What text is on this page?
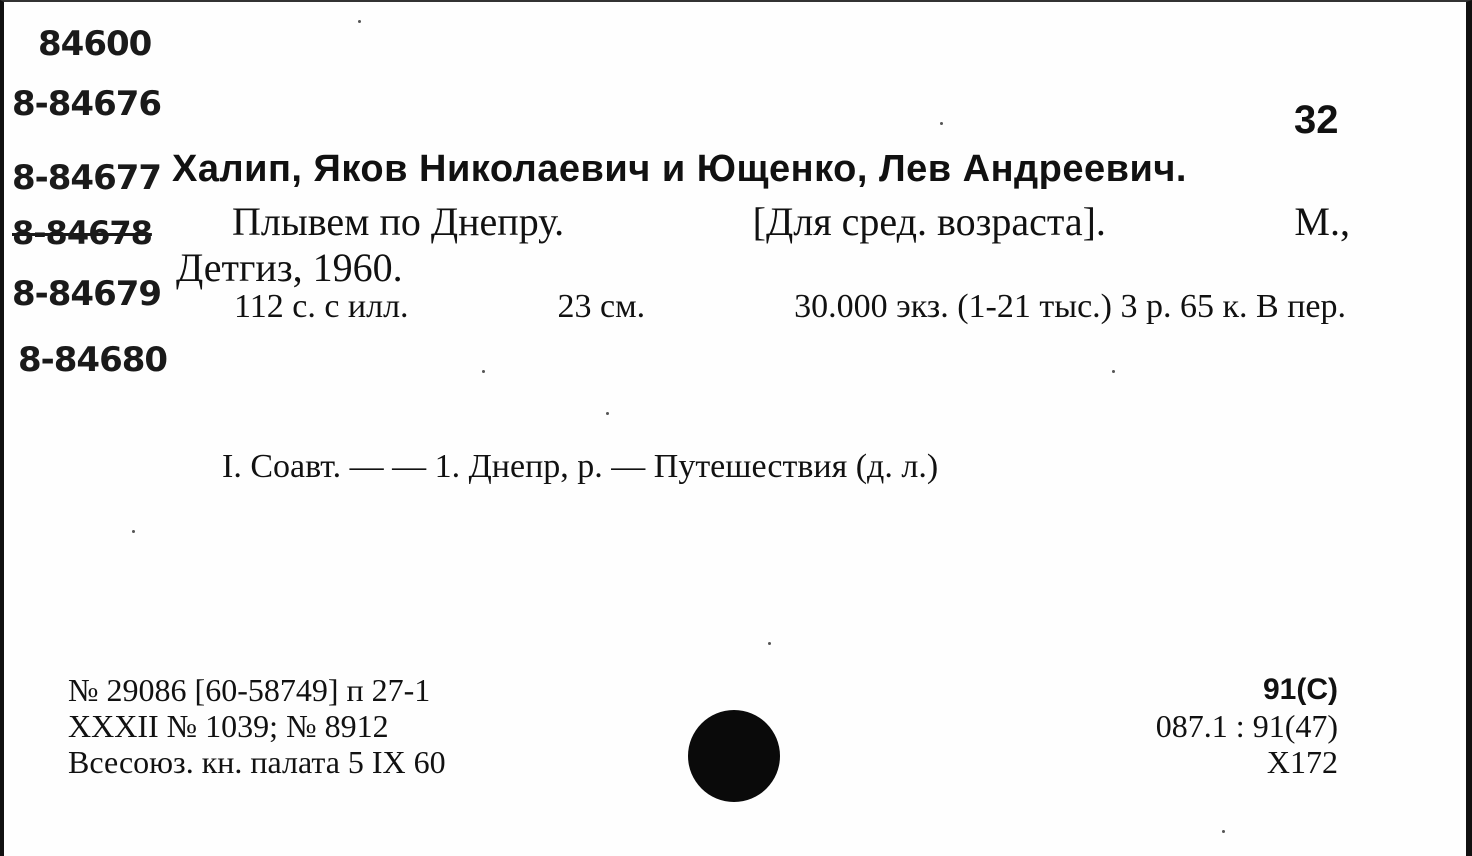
84600
8-84676
8-84677
8-84678
8-84679
8-84680
32
Халип, Яков Николаевич и Ющенко, Лев Андреевич.
Плывем по Днепру.	[Для сред. возраста].	М.,
Детгиз, 1960.
112 с. с илл.	23 см.	30.000 экз. (1-21 тыс.) 3 р. 65 к. В пер.
I. Соавт. — — 1. Днепр, р. — Путешествия (д. л.)
№ 29086 [60-58749] п 27-1
XXXII № 1039; № 8912
Всесоюз. кн. палата 5 IX 60
91(С)
087.1 : 91(47)
Х172
